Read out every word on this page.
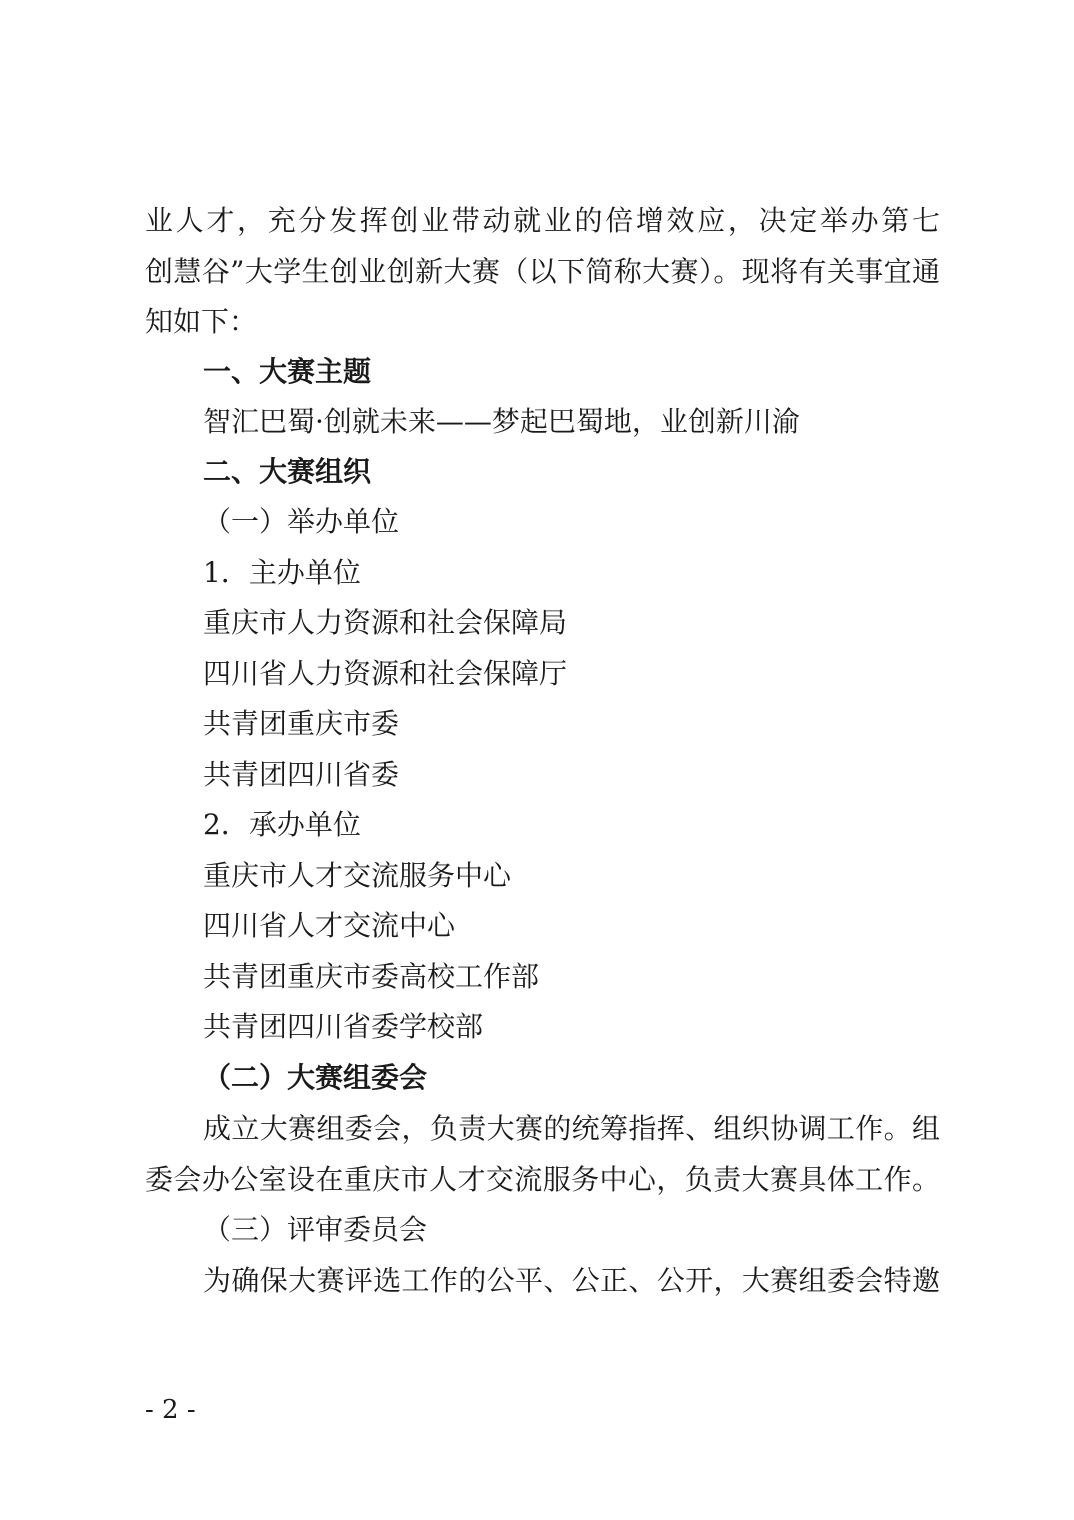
业人才，充分发挥创业带动就业的倍增效应，决定举办第七
创慧谷”大学生创业创新大赛（以下简称大赛）。现将有关事宜通
知如下：
一、大赛主题
智汇巴蜀·创就未来——梦起巴蜀地，业创新川渝
二、大赛组织
（一）举办单位
1．主办单位
重庆市人力资源和社会保障局
四川省人力资源和社会保障厅
共青团重庆市委
共青团四川省委
2．承办单位
重庆市人才交流服务中心
四川省人才交流中心
共青团重庆市委高校工作部
共青团四川省委学校部
（二）大赛组委会
成立大赛组委会，负责大赛的统筹指挥、组织协调工作。组
委会办公室设在重庆市人才交流服务中心，负责大赛具体工作。
（三）评审委员会
为确保大赛评选工作的公平、公正、公开，大赛组委会特邀
- 2 -
